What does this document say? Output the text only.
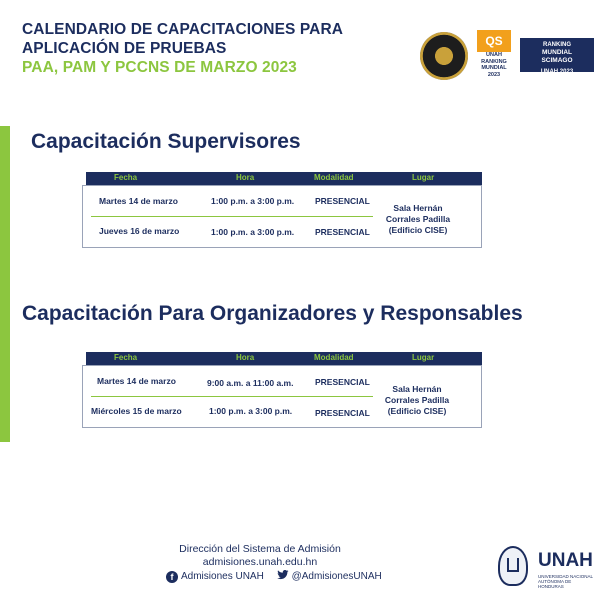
CALENDARIO DE CAPACITACIONES PARA
APLICACIÓN DE PRUEBAS
PAA, PAM Y PCCNS DE MARZO 2023
QS
UNAH
RANKING
MUNDIAL
2023
RANKING
MUNDIAL
SCIMAGO
UNAH 2023
Capacitación Supervisores
Fecha	Hora	Modalidad	Lugar
Martes 14 de marzo	1:00 p.m. a 3:00 p.m. PRESENCIAL
Jueves 16 de marzo	1:00 p.m. a 3:00 p.m. PRESENCIAL
Sala Hernán
Corrales Padilla
(Edificio CISE)
Capacitación Para Organizadores y Responsables
Fecha	Hora	Modalidad	Lugar
Martes 14 de marzo	9:00 a.m. a 11:00 a.m.	PRESENCIAL
Miércoles 15 de marzo	1:00 p.m. a 3:00 p.m.	PRESENCIAL
Sala Hernán
Corrales Padilla
(Edificio CISE)
Dirección del Sistema de Admisión
admisiones.unah.edu.hn
f Admisiones UNAH	@AdmisionesUNAH
UNAH
UNIVERSIDAD NACIONAL AUTÓNOMA DE HONDURAS
